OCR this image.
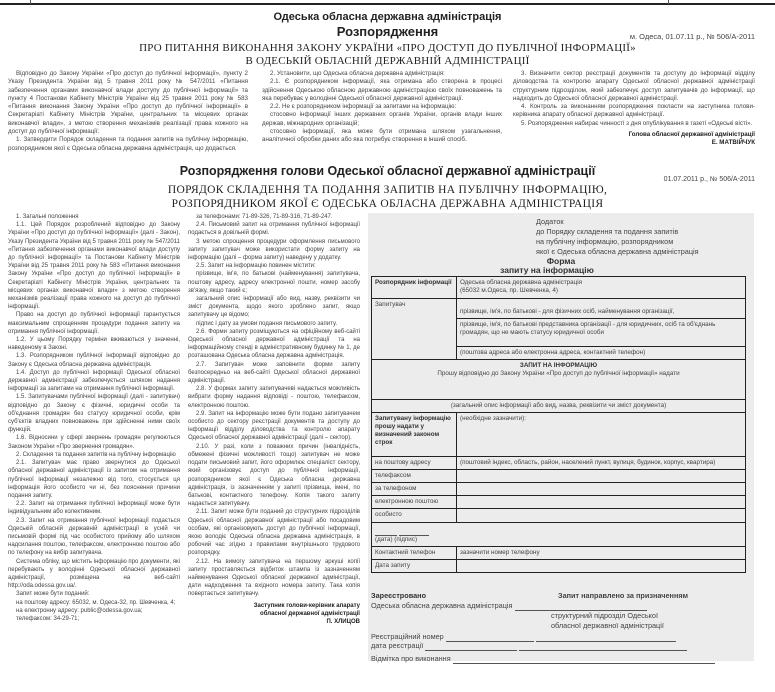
Одеська обласна державна адміністрація
Розпорядження	м. Одеса, 01.07.11 р., № 506/А-2011
ПРО ПИТАННЯ ВИКОНАННЯ ЗАКОНУ УКРАЇНИ «ПРО ДОСТУП ДО ПУБЛІЧНОЇ ІНФОРМАЦІЇ»
В ОДЕСЬКІЙ ОБЛАСНІЙ ДЕРЖАВНІЙ АДМІНІСТРАЦІЇ

Відповідно до Закону України «Про доступ до публічної інформації», пункту 2 Указу Президента України від 5 травня 2011 року № 547/2011 «Питання забезпечення органами виконавчої влади доступу до публічної інформації» та пункту 4 Постанови Кабінету Міністрів України від 25 травня 2011 року № 583 «Питання виконання Закону України «Про доступ до публічної інформації» в Секретаріаті Кабінету Міністрів України, центральних та місцевих органах виконавчої влади», з метою створення механізмів реалізації права кожного на доступ до публічної інформації:

1. Затвердити Порядок складення та подання запитів на публічну інформацію, розпорядником якої є Одеська обласна державна адміністрація, що додається.

2. Установити, що Одеська обласна державна адміністрація:

2.1. Є розпорядником інформації, яка отримана або створена в процесі здійснення Одеською обласною державною адміністрацією своїх повноважень та яка перебуває у володінні Одеської обласної державної адміністрації.

2.2. Не є розпорядником інформації за запитами на інформацію:

стосовно інформації інших державних органів України, органів влади інших держав, міжнародних організацій;

стосовно інформації, яка може бути отримана шляхом узагальнення, аналітичної обробки даних або яка потребує створення в інший спосіб.

3. Визначити сектор реєстрації документів та доступу до інформації відділу діловодства та контролю апарату Одеської обласної державної адміністрації структурним підрозділом, який забезпечує доступ запитувачів до інформації, що надходить до Одеської обласної державної адміністрації.

4. Контроль за виконанням розпорядження покласти на заступника голови-керівника апарату обласної державної адміністрації.

5. Розпорядження набирає чинності з дня опублікування в газеті «Одеські вісті».

Голова обласної державної адміністрації

Е. МАТВІЙЧУК

Розпорядження голови Одеської обласної державної адміністрації
01.07.2011 р., № 506/А-2011
ПОРЯДОК СКЛАДЕННЯ ТА ПОДАННЯ ЗАПИТІВ НА ПУБЛІЧНУ ІНФОРМАЦІЮ,
РОЗПОРЯДНИКОМ ЯКОЇ Є ОДЕСЬКА ОБЛАСНА ДЕРЖАВНА АДМІНІСТРАЦІЯ

1. Загальні положення

1.1. Цей Порядок розроблений відповідно до Закону України «Про доступ до публічної інформації» (далі - Закон), Указу Президента України від 5 травня 2011 року № 547/2011 «Питання забезпечення органами виконавчої влади доступу до публічної інформації» та Постанови Кабінету Міністрів України від 25 травня 2011 року № 583 «Питання виконання Закону України «Про доступ до публічної інформації» в Секретаріаті Кабінету Міністрів України, центральних та місцевих органах виконавчої влади» з метою створення механізмів реалізації права кожного на доступ до публічної інформації.

Право на доступ до публічної інформації гарантується максимальним спрощенням процедури подання запиту на отримання публічної інформації.

1.2. У цьому Порядку терміни вживаються у значенні, наведеному в Законі.

1.3. Розпорядником публічної інформації відповідно до Закону є Одеська обласна державна адміністрація.

1.4. Доступ до публічної інформації Одеської обласної державної адміністрації забезпечується шляхом надання інформації за запитами на отримання публічної інформації.

1.5. Запитувачами публічної інформації (далі - запитувач) відповідно до Закону є фізичні, юридичні особи та об'єднання громадян без статусу юридичної особи, крім суб'єктів владних повноважень при здійсненні ними своїх функцій.

1.6. Відносини у сфері звернень громадян регулюються Законом України «Про звернення громадян».

2. Складення та подання запитів на публічну інформацію

2.1. Запитувач має право звернутися до Одеської обласної державної адміністрації із запитом на отримання публічної інформації незалежно від того, стосується ця інформація його особисто чи ні, без пояснення причини подання запиту.

2.2. Запит на отримання публічної інформації може бути індивідуальним або колективним.

2.3. Запит на отримання публічної інформації подається Одеській обласній державній адміністрації в усній чи письмовій формі під час особистого прийому або шляхом надсилання поштою, телефаксом, електронною поштою або по телефону на вибір запитувача.

Система обліку, що містить інформацію про документи, які перебувають у володінні Одеської обласної державної адміністрації, розміщена на веб-сайті http://oda.odessa.gov.ua/.

Запит може бути поданий:

на поштову адресу: 65032, м. Одеса-32, пр. Шевченка, 4;

на електронну адресу: public@odessa.gov.ua;

телефаксом: 34-29-71;

за телефонами: 71-89-326, 71-89-316, 71-89-247.

2.4. Письмовий запит на отримання публічної інформації подається в довільній формі.

З метою спрощення процедури оформлення письмового запиту запитувач може використати форму запиту на інформацію (далі – форма запиту) наведену у додатку.

2.5. Запит на інформацію повинен містити:

прізвище, ім'я, по батькові (найменування) запитувача, поштову адресу, адресу електронної пошти, номер засобу зв'язку, якщо такий є;

загальний опис інформації або вид, назву, реквізити чи зміст документа, щодо якого зроблено запит, якщо запитувачу це відомо;

підпис і дату за умови подання письмового запиту.

2.6. Форми запиту розміщуються на офіційному веб-сайті Одеської обласної державної адміністрації та на інформаційному стенді в адміністративному будинку № 1, де розташована Одеська обласна державна адміністрація.

2.7. Запитувач може заповнити форми запиту безпосередньо на веб-сайті Одеської обласної державної адміністрації.

2.8. У формах запиту запитувачеві надається можливість вибрати форму надання відповіді - поштою, телефаксом, електронною поштою.

2.9. Запит на інформацію може бути подано запитувачем особисто до сектору реєстрації документів та доступу до інформації відділу діловодства та контролю апарату Одеської обласної державної адміністрації (далі – сектор).

2.10. У разі, коли з поважних причин (інвалідність, обмежені фізичні можливості тощо) запитувач не може подати письмовий запит, його оформлює спеціаліст сектору, який організовує доступ до публічної інформації, розпорядником якої є Одеська обласна державна адміністрація, із зазначенням у запиті прізвища, імені, по батькові, контактного телефону. Копія такого запиту надається запитувачу.

2.11. Запит може бути поданий до структурних підрозділів Одеської обласної державної адміністрації або посадовим особам, які організовують доступ до публічної інформації, якою володіє Одеська обласна державна адміністрація, в робочий час згідно з правилами внутрішнього трудового розпорядку.

2.12. На вимогу запитувача на першому аркуші копії запиту проставляється відбиток штампа із зазначенням найменування Одеської обласної державної адміністрації, дати надходження та вхідного номера запиту. Така копія повертається запитувачу.

Заступник голови-керівник апарату

обласної державної адміністрації

П. ХЛИЦОВ

Додаток
до Порядку складення та подання запитів
на публічну інформацію, розпорядником
якої є Одеська обласна державна адміністрація
Форма
запиту на інформацію
Розпорядник інформації	Одеська обласна державна адміністрація
(65032 м.Одеса, пр. Шевченка, 4)

Запитувач	прізвище, ім'я, по батькові - для фізичних осіб, найменування організації,

	прізвище, ім'я, по батькові представника організації - для юридичних, осіб та об'єднань громадян, що не мають статусу юридичної особи
	(поштова адреса або електронна адреса, контактний телефон)

ЗАПИТ НА ІНФОРМАЦІЮ
Прошу відповідно до Закону України «Про доступ до публічної інформації» надати	

(загальний опис інформації або вид, назва, реквізити чи зміст документа)	
Запитувану інформацію прошу надати у визначений законом строк	(необхідне зазначити):
на поштову адресу	(поштовий індекс, область, район, населений пункт, вулиця, будинок, корпус, квартира)
телефаксом	
за телефоном	
електронною поштою	
особисто	

(дата) (підпис)	

Контактний телефон	зазначити номер телефону
Дата запиту	
Зареєстровано
Одеська обласна державна адміністрація
Запит направлено за призначенням
структурний підрозділ Одеської
обласної державної адміністрації
Реєстраційний номер
дата реєстрації
Відмітка про виконання
